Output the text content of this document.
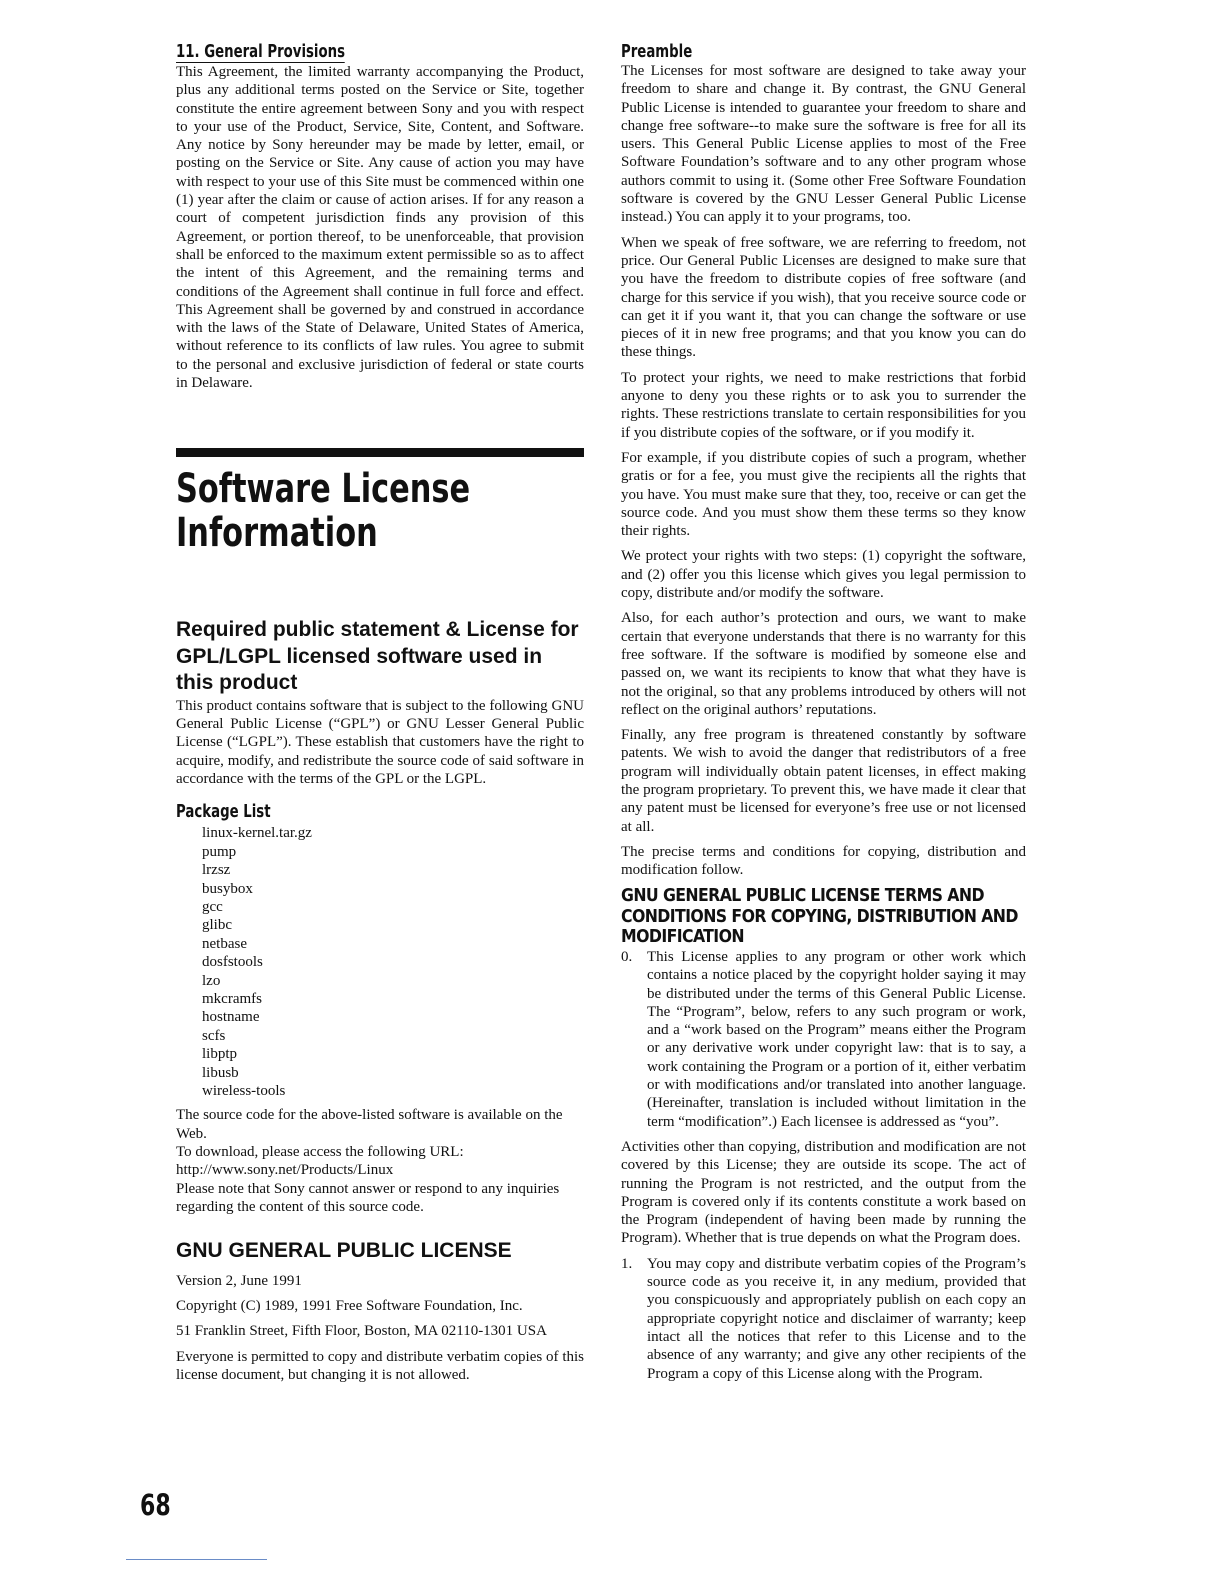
11. General Provisions

This Agreement, the limited warranty accompanying the Product, plus any additional terms posted on the Service or Site, together constitute the entire agreement between Sony and you with respect to your use of the Product, Service, Site, Content, and Software. Any notice by Sony hereunder may be made by letter, email, or posting on the Service or Site. Any cause of action you may have with respect to your use of this Site must be commenced within one (1) year after the claim or cause of action arises. If for any reason a court of competent jurisdiction finds any provision of this Agreement, or portion thereof, to be unenforceable, that provision shall be enforced to the maximum extent permissible so as to affect the intent of this Agreement, and the remaining terms and conditions of the Agreement shall continue in full force and effect. This Agreement shall be governed by and construed in accordance with the laws of the State of Delaware, United States of America, without reference to its conflicts of law rules. You agree to submit to the personal and exclusive jurisdiction of federal or state courts in Delaware.

Software License
Information
Required public statement & License for GPL/LGPL licensed software used in this product

This product contains software that is subject to the following GNU General Public License (“GPL”) or GNU Lesser General Public License (“LGPL”). These establish that customers have the right to acquire, modify, and redistribute the source code of said software in accordance with the terms of the GPL or the LGPL.

Package List
linux-kernel.tar.gz
pump
lrzsz
busybox
gcc
glibc
netbase
dosfstools
lzo
mkcramfs
hostname
scfs
libptp
libusb
wireless-tools

The source code for the above-listed software is available on the Web.

To download, please access the following URL:

http://www.sony.net/Products/Linux

Please note that Sony cannot answer or respond to any inquiries regarding the content of this source code.

GNU GENERAL PUBLIC LICENSE

Version 2, June 1991

Copyright (C) 1989, 1991 Free Software Foundation, Inc.

51 Franklin Street, Fifth Floor, Boston, MA 02110-1301 USA

Everyone is permitted to copy and distribute verbatim copies of this license document, but changing it is not allowed.

Preamble

The Licenses for most software are designed to take away your freedom to share and change it. By contrast, the GNU General Public License is intended to guarantee your freedom to share and change free software--to make sure the software is free for all its users. This General Public License applies to most of the Free Software Foundation’s software and to any other program whose authors commit to using it. (Some other Free Software Foundation software is covered by the GNU Lesser General Public License instead.) You can apply it to your programs, too.

When we speak of free software, we are referring to freedom, not price. Our General Public Licenses are designed to make sure that you have the freedom to distribute copies of free software (and charge for this service if you wish), that you receive source code or can get it if you want it, that you can change the software or use pieces of it in new free programs; and that you know you can do these things.

To protect your rights, we need to make restrictions that forbid anyone to deny you these rights or to ask you to surrender the rights. These restrictions translate to certain responsibilities for you if you distribute copies of the software, or if you modify it.

For example, if you distribute copies of such a program, whether gratis or for a fee, you must give the recipients all the rights that you have. You must make sure that they, too, receive or can get the source code. And you must show them these terms so they know their rights.

We protect your rights with two steps: (1) copyright the software, and (2) offer you this license which gives you legal permission to copy, distribute and/or modify the software.

Also, for each author’s protection and ours, we want to make certain that everyone understands that there is no warranty for this free software. If the software is modified by someone else and passed on, we want its recipients to know that what they have is not the original, so that any problems introduced by others will not reflect on the original authors’ reputations.

Finally, any free program is threatened constantly by software patents. We wish to avoid the danger that redistributors of a free program will individually obtain patent licenses, in effect making the program proprietary. To prevent this, we have made it clear that any patent must be licensed for everyone’s free use or not licensed at all.

The precise terms and conditions for copying, distribution and modification follow.

GNU GENERAL PUBLIC LICENSE TERMS AND CONDITIONS FOR COPYING, DISTRIBUTION AND MODIFICATION
0. This License applies to any program or other work which contains a notice placed by the copyright holder saying it may be distributed under the terms of this General Public License. The “Program”, below, refers to any such program or work, and a “work based on the Program” means either the Program or any derivative work under copyright law: that is to say, a work containing the Program or a portion of it, either verbatim or with modifications and/or translated into another language. (Hereinafter, translation is included without limitation in the term “modification”.) Each licensee is addressed as “you”.

Activities other than copying, distribution and modification are not covered by this License; they are outside its scope. The act of running the Program is not restricted, and the output from the Program is covered only if its contents constitute a work based on the Program (independent of having been made by running the Program). Whether that is true depends on what the Program does.

1. You may copy and distribute verbatim copies of the Program’s source code as you receive it, in any medium, provided that you conspicuously and appropriately publish on each copy an appropriate copyright notice and disclaimer of warranty; keep intact all the notices that refer to this License and to the absence of any warranty; and give any other recipients of the Program a copy of this License along with the Program.

68
